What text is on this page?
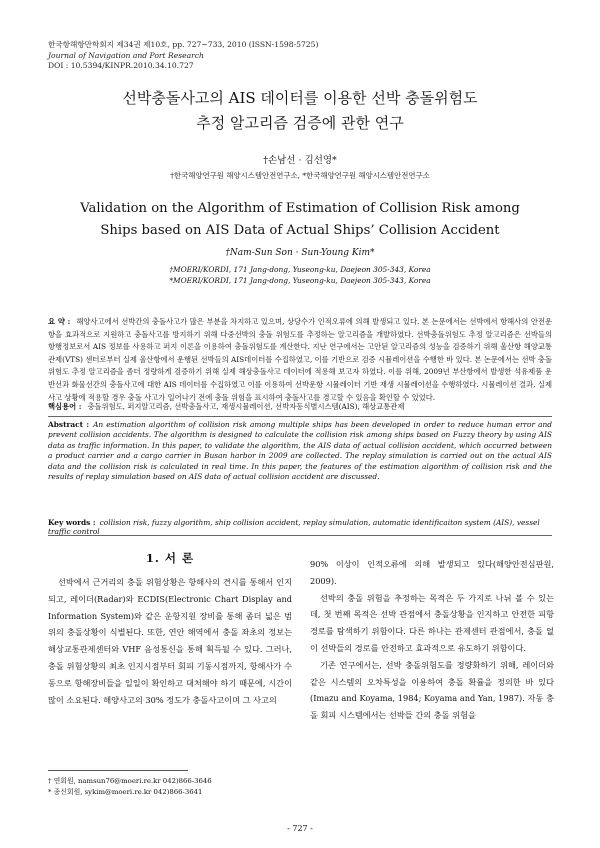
한국항해항만학회지 제34권 제10호, pp. 727~733, 2010 (ISSN-1598-5725)
Journal of Navigation and Port Research
DOI : 10.5394/KINPR.2010.34.10.727
선박충돌사고의 AIS 데이터를 이용한 선박 충돌위험도
추정 알고리즘 검증에 관한 연구
†손남선 · 김선영*
†한국해양연구원 해양시스템안전연구소, *한국해양연구원 해양시스템안전연구소
Validation on the Algorithm of Estimation of Collision Risk among
Ships based on AIS Data of Actual Ships’ Collision Accident
†Nam-Sun Son · Sun-Young Kim*
†MOERI/KORDI, 171 Jang-dong, Yuseong-ku, Daejeon 305-343, Korea
*MOERI/KORDI, 171 Jang-dong, Yuseong-ku, Daejeon 305-343, Korea
요 약 : 해양사고에서 선박간의 충돌사고가 많은 부분을 차지하고 있으며, 상당수가 인적오류에 의해 발생되고 있다. 본 논문에서는 선박에서 항해사의 안전운항을 효과적으로 지원하고 충돌사고를 방지하기 위해 다중선박의 충돌 위험도를 추정하는 알고리즘을 개발하였다. 선박충돌위험도 추정 알고리즘은 선박들의 항행정보로서 AIS 정보를 사용하고 퍼지 이론을 이용하여 충돌위험도를 계산한다. 지난 연구에서는 고안된 알고리즘의 성능을 검증하기 위해 울산항 해양교통관제(VTS) 센터로부터 실제 울산항에서 운행된 선박들의 AIS데이터를 수집하였고, 이를 기반으로 검증 시뮬레이션을 수행한 바 있다. 본 논문에서는 선박 충돌위험도 추정 알고리즘을 좀더 정량하게 검증하기 위해 실제 해상충돌사고 데이터에 적용해 보고자 하였다. 이를 위해, 2009년 부산항에서 발생한 석유제품 운반선과 화물선간의 충돌사고에 대한 AIS 데이터를 수집하였고 이를 이용하여 선박운항 시뮬레이터 기반 재생 시뮬레이션을 수행하였다. 시뮬레이션 결과, 실제 사고 상황에 적용할 경우 충돌 사고가 일어나기 전에 충돌 위험을 표시하여 충돌사고를 경고할 수 있음을 확인할 수 있었다.
핵심용어 : 충돌위험도, 퍼지알고리즘, 선박충돌사고, 재생시뮬레이션, 선박자동식별시스템(AIS), 해상교통관제
Abstract : An estimation algorithm of collision risk among multiple ships has been developed in order to reduce human error and prevent collision accidents. The algorithm is designed to calculate the collision risk among ships based on Fuzzy theory by using AIS data as traffic information. In this paper, to validate the algorithm, the AIS data of actual collision accident, which occurred between a product carrier and a cargo carrier in Busan harbor in 2009 are collected. The replay simulation is carried out on the actual AIS data and the collision risk is calculated in real time. In this paper, the features of the estimation algorithm of collision risk and the results of replay simulation based on AIS data of actual collision accident are discussed.
Key words : collision risk, fuzzy algorithm, ship collision accident, replay simulation, automatic identificaiton system (AIS), vessel traffic control
1. 서 론

선박에서 근거리의 충돌 위험상황은 항해사의 견시를 통해서 인지되고, 레이더(Radar)와 ECDIS(Electronic Chart Display and Information System)와 같은 운항지원 장비를 통해 좀더 넓은 범위의 충돌상황이 식별된다. 또한, 연안 해역에서 충돌 좌초의 정보는 해상교통관제센터와 VHF 음성통신을 통해 획득될 수 있다. 그러나, 충돌 위험상황의 최초 인지시점부터 회피 기동시점까지, 항해사가 수동으로 항해장비들을 일일이 확인하고 대처해야 하기 때문에, 시간이 많이 소요된다. 해양사고의 30% 정도가 충돌사고이며 그 사고의

90% 이상이 인적오류에 의해 발생되고 있다(해양안전심판원, 2009).

선박의 충돌 위험을 추정하는 목적은 두 가지로 나뉘 볼 수 있는데, 첫 번째 목적은 선박 관점에서 충돌상황을 인지하고 안전한 피항 경로를 탐색하기 위함이다. 다른 하나는 관제센터 관점에서, 충돌 없이 선박들의 경로를 안전하고 효과적으로 유도하기 위함이다.

기존 연구에서는, 선박 충돌위험도를 정량화하기 위해, 레이더와 같은 시스템의 오차특성을 이용하여 충돌 확률을 정의한 바 있다(Imazu and Koyama, 1984; Koyama and Yan, 1987). 자동 충돌 회피 시스템에서는 선박들 간의 충돌 위험을

† 연회원, namsun76@moeri.re.kr 042)866-3646
* 종신회원, sykim@moeri.re.kr 042)866-3641
- 727 -
